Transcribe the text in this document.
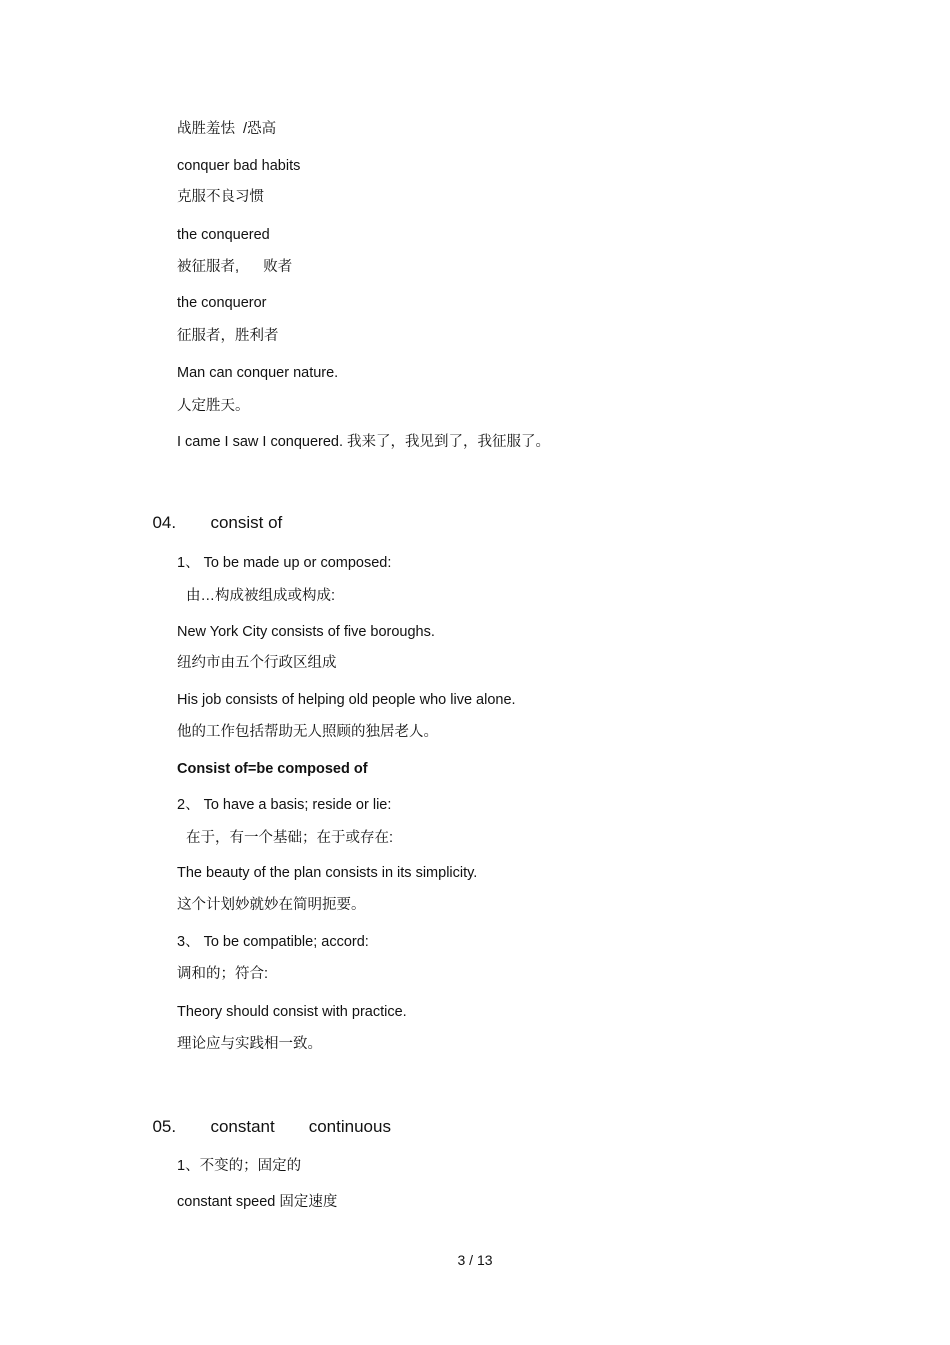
战胜羞怯  /恐高
conquer bad habits
克服不良习惯
the conquered
被征服者,      败者
the conqueror
征服者，胜利者
Man can conquer nature.
人定胜天。
I came I saw I conquered. 我来了，我见到了，我征服了。

04. consist of

1、 To be made up or composed:
由…构成被组成或构成:
New York City consists of five boroughs.
纽约市由五个行政区组成
His job consists of helping old people who live alone.
他的工作包括帮助无人照顾的独居老人。
Consist of=be composed of
2、 To have a basis; reside or lie:
在于，有一个基础；在于或存在:
The beauty of the plan consists in its simplicity.
这个计划妙就妙在简明扼要。
3、 To be compatible; accord:
调和的；符合:
Theory should consist with practice.
理论应与实践相一致。

05. constant continuous

1、不变的；固定的
constant speed 固定速度
3 / 13
